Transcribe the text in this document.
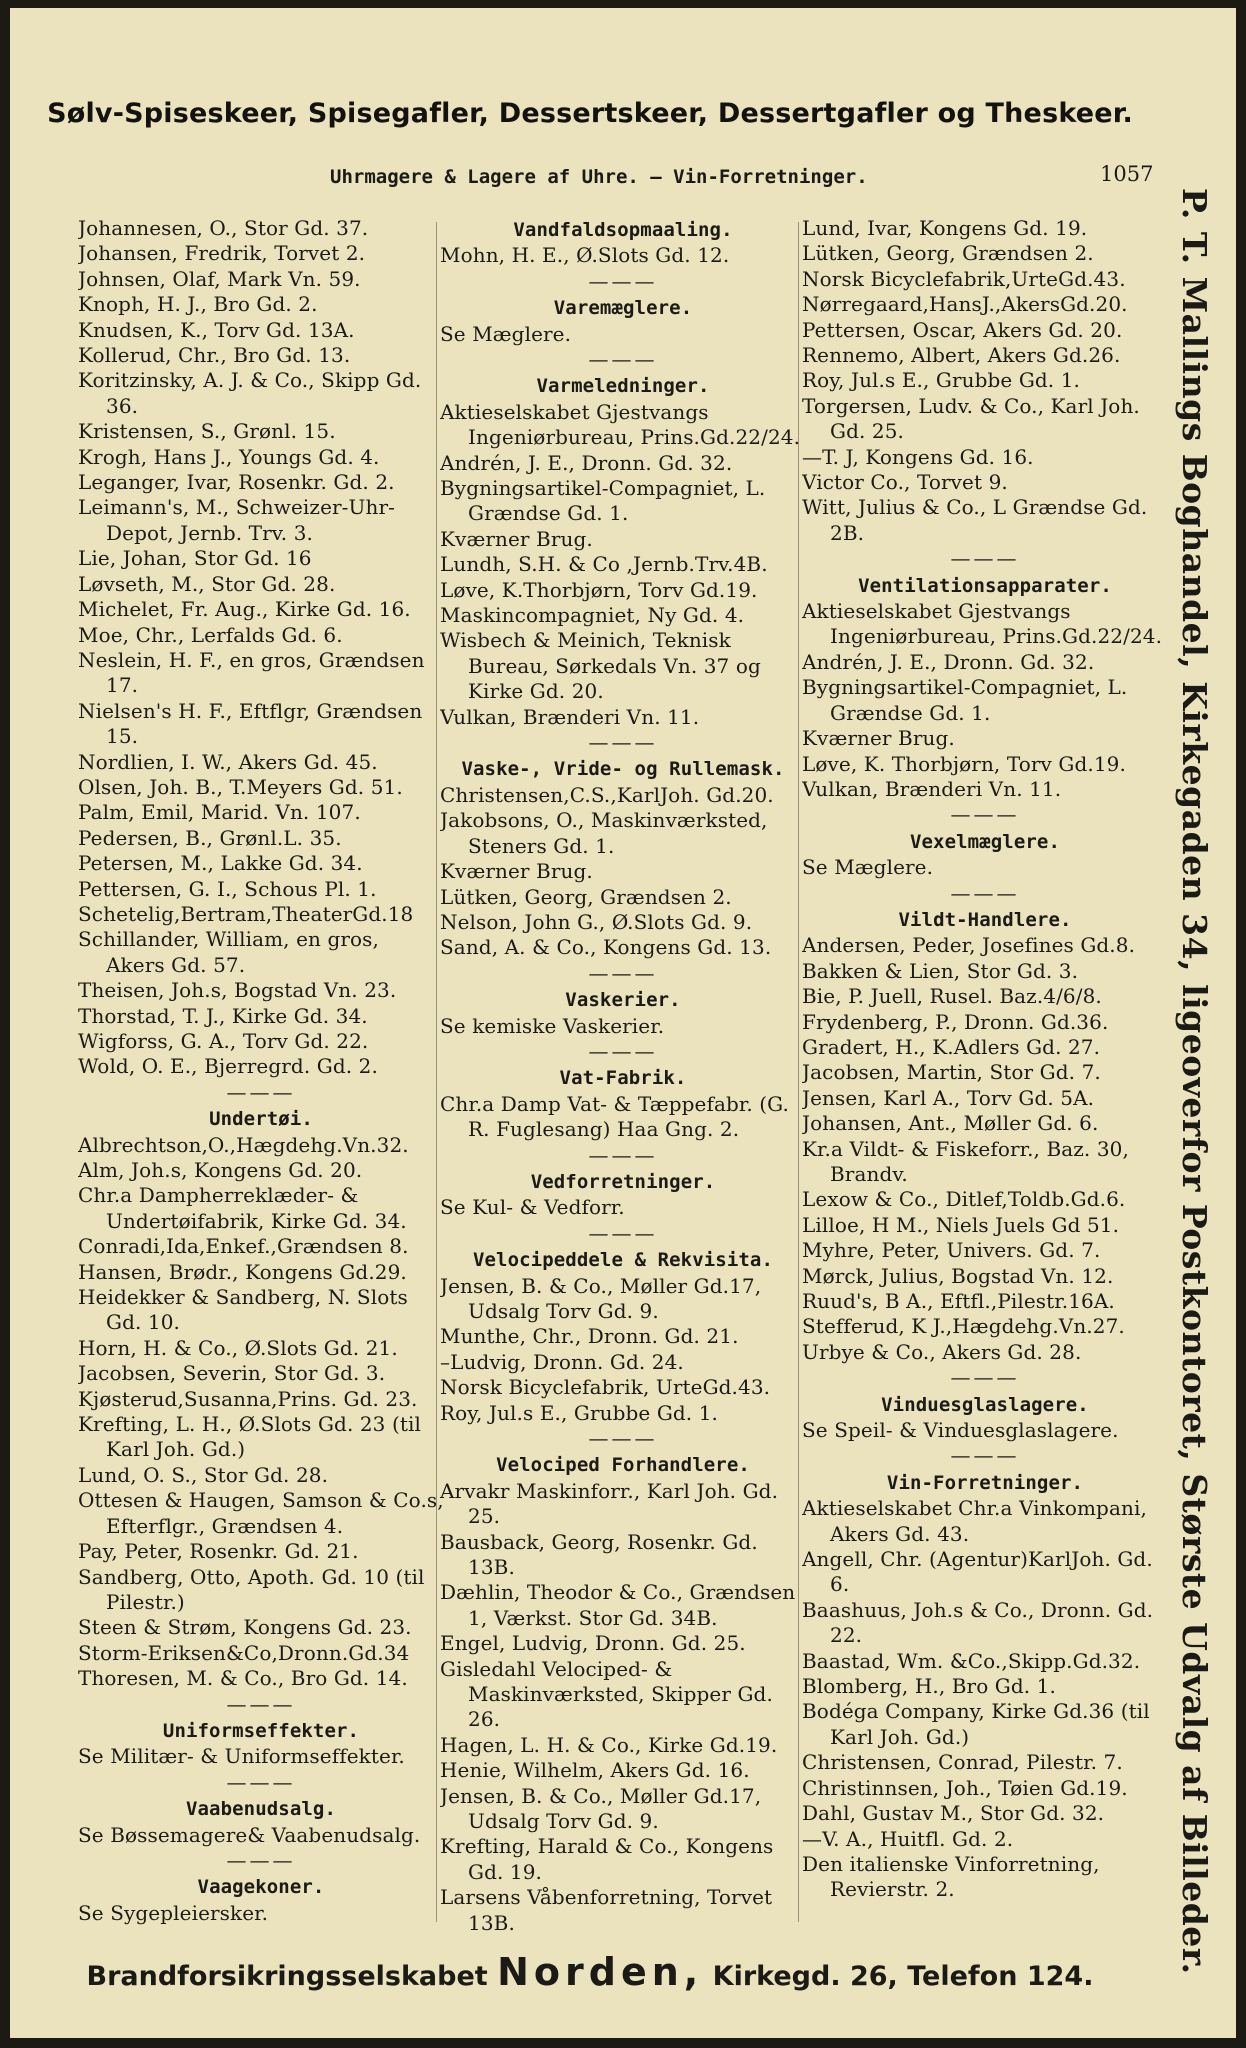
Sølv-Spiseskeer, Spisegafler, Dessertskeer, Dessertgafler og Theskeer.
Uhrmagere & Lagere af Uhre. — Vin-Forretninger.	1057
Johannesen, O., Stor Gd. 37.
Johansen, Fredrik, Torvet 2.
Johnsen, Olaf, Mark Vn. 59.
Knoph, H. J., Bro Gd. 2.
Knudsen, K., Torv Gd. 13A.
Kollerud, Chr., Bro Gd. 13.
Koritzinsky, A. J. & Co., Skipp Gd. 36.
Kristensen, S., Grønl. 15.
Krogh, Hans J., Youngs Gd. 4.
Leganger, Ivar, Rosenkr. Gd. 2.
Leimann's, M., Schweizer-Uhr-Depot, Jernb. Trv. 3.
Lie, Johan, Stor Gd. 16
Løvseth, M., Stor Gd. 28.
Michelet, Fr. Aug., Kirke Gd. 16.
Moe, Chr., Lerfalds Gd. 6.
Neslein, H. F., en gros, Grændsen 17.
Nielsen's H. F., Eftflgr, Grændsen 15.
Nordlien, I. W., Akers Gd. 45.
Olsen, Joh. B., T.Meyers Gd. 51.
Palm, Emil, Marid. Vn. 107.
Pedersen, B., Grønl.L. 35.
Petersen, M., Lakke Gd. 34.
Pettersen, G. I., Schous Pl. 1.
Schetelig,Bertram,TheaterGd.18
Schillander, William, en gros, Akers Gd. 57.
Theisen, Joh.s, Bogstad Vn. 23.
Thorstad, T. J., Kirke Gd. 34.
Wigforss, G. A., Torv Gd. 22.
Wold, O. E., Bjerregrd. Gd. 2.
———
Undertøi.
Albrechtson,O.,Hægdehg.Vn.32.
Alm, Joh.s, Kongens Gd. 20.
Chr.a Dampherreklæder- & Undertøifabrik, Kirke Gd. 34.
Conradi,Ida,Enkef.,Grændsen 8.
Hansen, Brødr., Kongens Gd.29.
Heidekker & Sandberg, N. Slots Gd. 10.
Horn, H. & Co., Ø.Slots Gd. 21.
Jacobsen, Severin, Stor Gd. 3.
Kjøsterud,Susanna,Prins. Gd. 23.
Krefting, L. H., Ø.Slots Gd. 23 (til Karl Joh. Gd.)
Lund, O. S., Stor Gd. 28.
Ottesen & Haugen, Samson & Co.s, Efterflgr., Grændsen 4.
Pay, Peter, Rosenkr. Gd. 21.
Sandberg, Otto, Apoth. Gd. 10 (til Pilestr.)
Steen & Strøm, Kongens Gd. 23.
Storm-Eriksen&Co,Dronn.Gd.34
Thoresen, M. & Co., Bro Gd. 14.
———
Uniformseffekter.
Se Militær- & Uniformseffekter.
———
Vaabenudsalg.
Se Bøssemagere& Vaabenudsalg.
———
Vaagekoner.
Se Sygepleiersker.
Vandfaldsopmaaling.
Mohn, H. E., Ø.Slots Gd. 12.
———
Varemæglere.
Se Mæglere.
———
Varmeledninger.
Aktieselskabet Gjestvangs Ingeniørbureau, Prins.Gd.22/24.
Andrén, J. E., Dronn. Gd. 32.
Bygningsartikel-Compagniet, L. Grændse Gd. 1.
Kværner Brug.
Lundh, S.H. & Co ,Jernb.Trv.4B.
Løve, K.Thorbjørn, Torv Gd.19.
Maskincompagniet, Ny Gd. 4.
Wisbech & Meinich, Teknisk Bureau, Sørkedals Vn. 37 og Kirke Gd. 20.
Vulkan, Brænderi Vn. 11.
———
Vaske-, Vride- og Rullemask.
Christensen,C.S.,KarlJoh. Gd.20.
Jakobsons, O., Maskinværksted, Steners Gd. 1.
Kværner Brug.
Lütken, Georg, Grændsen 2.
Nelson, John G., Ø.Slots Gd. 9.
Sand, A. & Co., Kongens Gd. 13.
———
Vaskerier.
Se kemiske Vaskerier.
———
Vat-Fabrik.
Chr.a Damp Vat- & Tæppefabr. (G. R. Fuglesang) Haa Gng. 2.
———
Vedforretninger.
Se Kul- & Vedforr.
———
Velocipeddele & Rekvisita.
Jensen, B. & Co., Møller Gd.17, Udsalg Torv Gd. 9.
Munthe, Chr., Dronn. Gd. 21.
–Ludvig, Dronn. Gd. 24.
Norsk Bicyclefabrik, UrteGd.43.
Roy, Jul.s E., Grubbe Gd. 1.
———
Velociped Forhandlere.
Arvakr Maskinforr., Karl Joh. Gd. 25.
Bausback, Georg, Rosenkr. Gd. 13B.
Dæhlin, Theodor & Co., Grændsen 1, Værkst. Stor Gd. 34B.
Engel, Ludvig, Dronn. Gd. 25.
Gisledahl Velociped- & Maskinværksted, Skipper Gd. 26.
Hagen, L. H. & Co., Kirke Gd.19.
Henie, Wilhelm, Akers Gd. 16.
Jensen, B. & Co., Møller Gd.17, Udsalg Torv Gd. 9.
Krefting, Harald & Co., Kongens Gd. 19.
Larsens Våbenforretning, Torvet 13B.
Lund, Ivar, Kongens Gd. 19.
Lütken, Georg, Grændsen 2.
Norsk Bicyclefabrik,UrteGd.43.
Nørregaard,HansJ.,AkersGd.20.
Pettersen, Oscar, Akers Gd. 20.
Rennemo, Albert, Akers Gd.26.
Roy, Jul.s E., Grubbe Gd. 1.
Torgersen, Ludv. & Co., Karl Joh. Gd. 25.
—T. J, Kongens Gd. 16.
Victor Co., Torvet 9.
Witt, Julius & Co., L Grændse Gd. 2B.
———
Ventilationsapparater.
Aktieselskabet Gjestvangs Ingeniørbureau, Prins.Gd.22/24.
Andrén, J. E., Dronn. Gd. 32.
Bygningsartikel-Compagniet, L. Grændse Gd. 1.
Kværner Brug.
Løve, K. Thorbjørn, Torv Gd.19.
Vulkan, Brænderi Vn. 11.
———
Vexelmæglere.
Se Mæglere.
———
Vildt-Handlere.
Andersen, Peder, Josefines Gd.8.
Bakken & Lien, Stor Gd. 3.
Bie, P. Juell, Rusel. Baz.4/6/8.
Frydenberg, P., Dronn. Gd.36.
Gradert, H., K.Adlers Gd. 27.
Jacobsen, Martin, Stor Gd. 7.
Jensen, Karl A., Torv Gd. 5A.
Johansen, Ant., Møller Gd. 6.
Kr.a Vildt- & Fiskeforr., Baz. 30, Brandv.
Lexow & Co., Ditlef,Toldb.Gd.6.
Lilloe, H M., Niels Juels Gd 51.
Myhre, Peter, Univers. Gd. 7.
Mørck, Julius, Bogstad Vn. 12.
Ruud's, B A., Eftfl.,Pilestr.16A.
Stefferud, K J.,Hægdehg.Vn.27.
Urbye & Co., Akers Gd. 28.
———
Vinduesglaslagere.
Se Speil- & Vinduesglaslagere.
———
Vin-Forretninger.
Aktieselskabet Chr.a Vinkompani, Akers Gd. 43.
Angell, Chr. (Agentur)KarlJoh. Gd. 6.
Baashuus, Joh.s & Co., Dronn. Gd. 22.
Baastad, Wm. &Co.,Skipp.Gd.32.
Blomberg, H., Bro Gd. 1.
Bodéga Company, Kirke Gd.36 (til Karl Joh. Gd.)
Christensen, Conrad, Pilestr. 7.
Christinnsen, Joh., Tøien Gd.19.
Dahl, Gustav M., Stor Gd. 32.
—V. A., Huitfl. Gd. 2.
Den italienske Vinforretning, Revierstr. 2.	P. T. Mallings Boghandel, Kirkegaden 34, ligeoverfor Postkontoret, Største Udvalg af Billeder.
Brandforsikringsselskabet Norden, Kirkegd. 26, Telefon 124.
